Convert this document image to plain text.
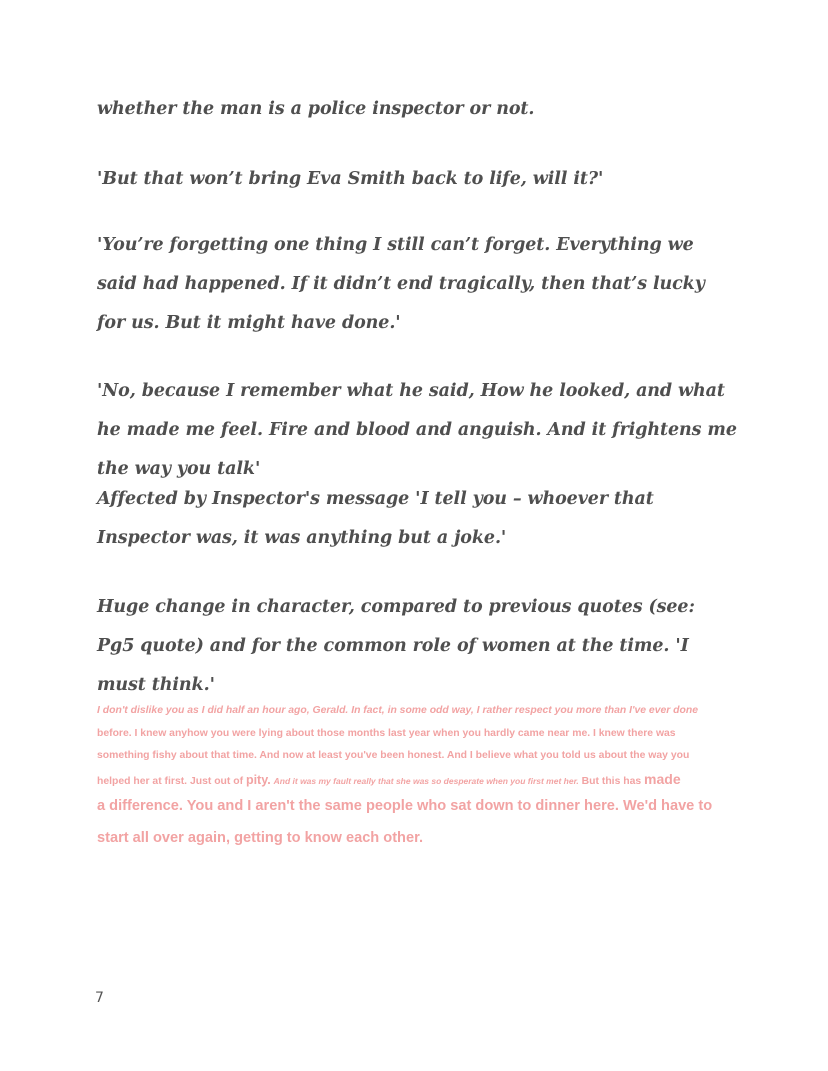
whether the man is a police inspector or not.

'But that won’t bring Eva Smith back to life, will it?'

'You’re forgetting one thing I still can’t forget. Everything we said had happened. If it didn’t end tragically, then that’s lucky for us. But it might have done.'

'No, because I remember what he said, How he looked, and what he made me feel. Fire and blood and anguish. And it frightens me the way you talk'

Affected by Inspector's message 'I tell you – whoever that Inspector was, it was anything but a joke.'

Huge change in character, compared to previous quotes (see: Pg5 quote) and for the common role of women at the time. 'I must think.'

I don't dislike you as I did half an hour ago, Gerald. In fact, in some odd way, I rather respect you more than I've ever done
before. I knew anyhow you were lying about those months last year when you hardly came near me. I knew there was
something fishy about that time. And now at least you've been honest. And I believe what you told us about the way you
helped her at first. Just out of pity. And it was my fault really that she was so desperate when you first met her. But this has made
a difference. You and I aren't the same people who sat down to dinner here. We'd have to
start all over again, getting to know each other.
7
